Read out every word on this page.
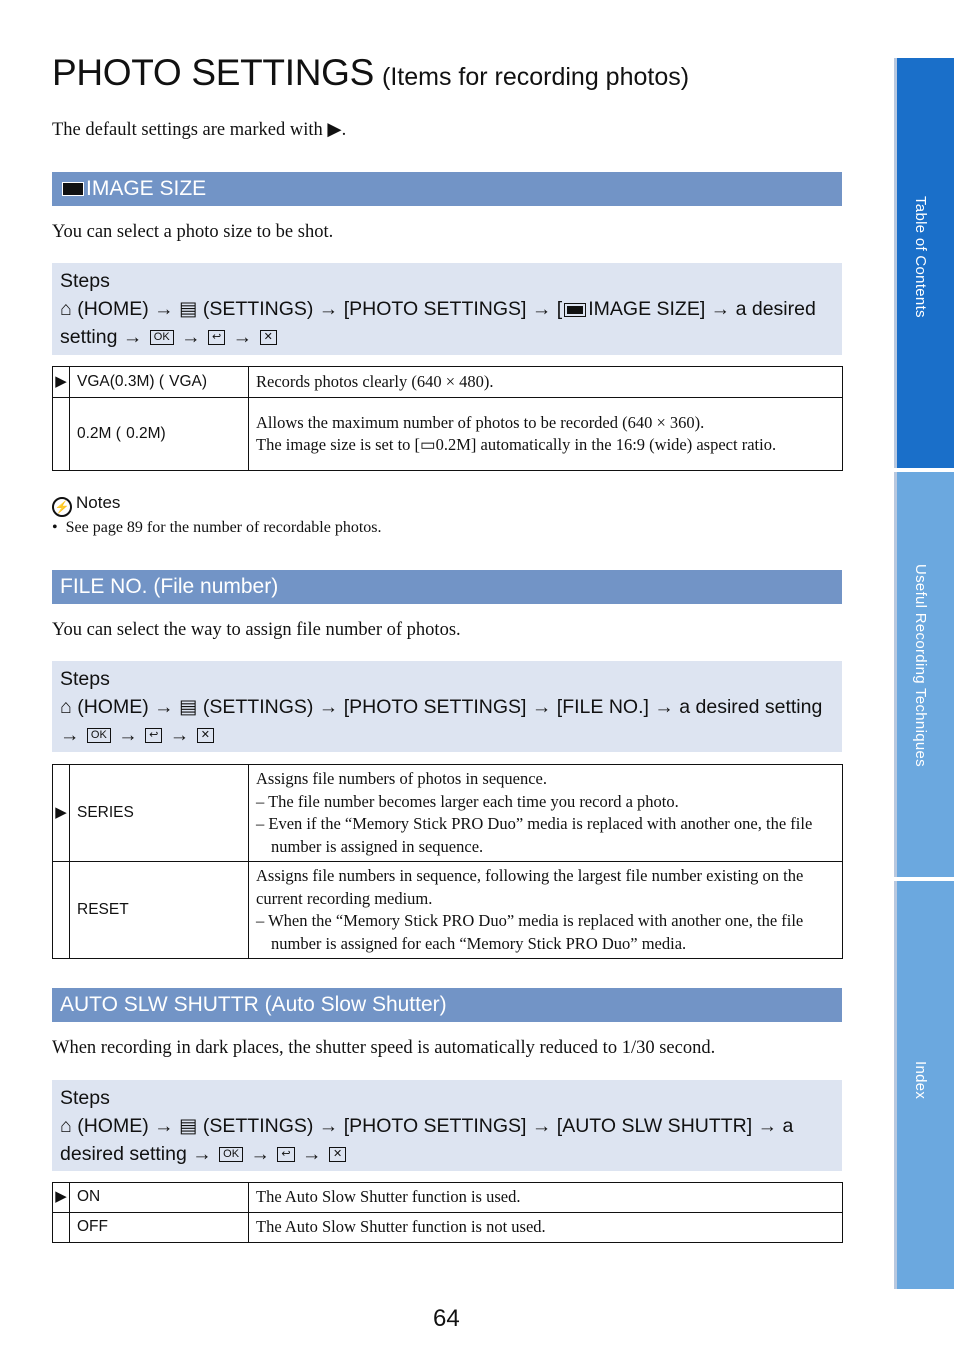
PHOTO SETTINGS (Items for recording photos)
The default settings are marked with ▶.
IMAGE SIZE
You can select a photo size to be shot.
Steps
⌂ (HOME) → ▤ (SETTINGS) → [PHOTO SETTINGS] → [ IMAGE SIZE] → a desired
setting → OK → ↩ → ✕
▶	VGA(0.3M) ( VGA)	Records photos clearly (640 × 480).
	0.2M ( 0.2M)	Allows the maximum number of photos to be recorded (640 × 360).
The image size is set to [▭0.2M] automatically in the 16:9 (wide) aspect ratio.
⚡ Notes
•  See page 89 for the number of recordable photos.
FILE NO. (File number)
You can select the way to assign file number of photos.
Steps
⌂ (HOME) → ▤ (SETTINGS) → [PHOTO SETTINGS] → [FILE NO.] → a desired setting
→ OK → ↩ → ✕
▶	SERIES	Assigns file numbers of photos in sequence.
– The file number becomes larger each time you record a photo.
– Even if the “Memory Stick PRO Duo” media is replaced with another one, the file number is assigned in sequence.

	RESET	Assigns file numbers in sequence, following the largest file number existing on the current recording medium.
– When the “Memory Stick PRO Duo” media is replaced with another one, the file number is assigned for each “Memory Stick PRO Duo” media.
AUTO SLW SHUTTR (Auto Slow Shutter)
When recording in dark places, the shutter speed is automatically reduced to 1/30 second.
Steps
⌂ (HOME) → ▤ (SETTINGS) → [PHOTO SETTINGS] → [AUTO SLW SHUTTR] → a
desired setting → OK → ↩ → ✕
▶	ON	The Auto Slow Shutter function is used.
	OFF	The Auto Slow Shutter function is not used.
Table of Contents
Useful Recording Techniques
Index
64
